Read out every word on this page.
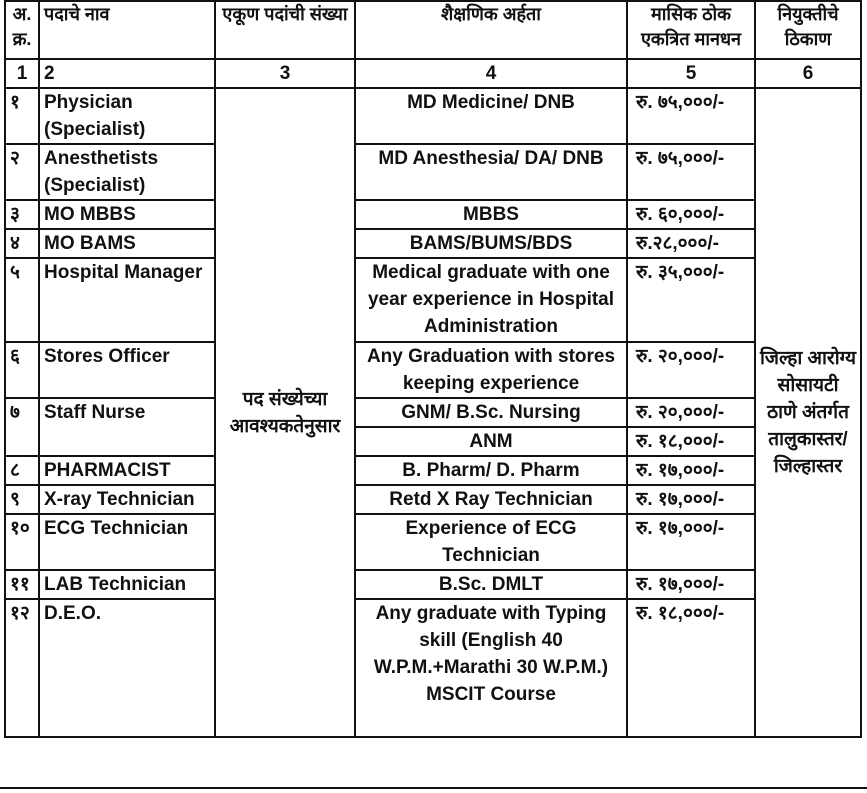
अ. क्र.	पदाचे नाव	एकूण पदांची संख्या	शैक्षणिक अर्हता	मासिक ठोक एकत्रित मानधन	नियुक्तीचे ठिकाण
1	2	3	4	5	6
१	Physician (Specialist)	पद संख्येच्या आवश्यकतेनुसार	MD Medicine/ DNB	रु. ७५,०००/-	जिल्हा आरोग्य सोसायटी ठाणे अंतर्गत तालुकास्तर/ जिल्हास्तर
२	Anesthetists (Specialist)		MD Anesthesia/ DA/ DNB	रु. ७५,०००/-	
३	MO MBBS		MBBS	रु. ६०,०००/-	
४	MO BAMS		BAMS/BUMS/BDS	रु.२८,०००/-	
५	Hospital Manager		Medical graduate with one year experience in Hospital Administration	रु. ३५,०००/-	
६	Stores Officer		Any Graduation with stores keeping experience	रु. २०,०००/-	
७	Staff Nurse		GNM/ B.Sc. Nursing	रु. २०,०००/-	
			ANM	रु. १८,०००/-	
८	PHARMACIST		B. Pharm/ D. Pharm	रु. १७,०००/-	
९	X-ray Technician		Retd X Ray Technician	रु. १७,०००/-	
१०	ECG Technician		Experience of ECG Technician	रु. १७,०००/-	
११	LAB Technician		B.Sc. DMLT	रु. १७,०००/-	
१२	D.E.O.		Any graduate with Typing skill (English 40 W.P.M.+Marathi 30 W.P.M.) MSCIT Course	रु. १८,०००/-	
